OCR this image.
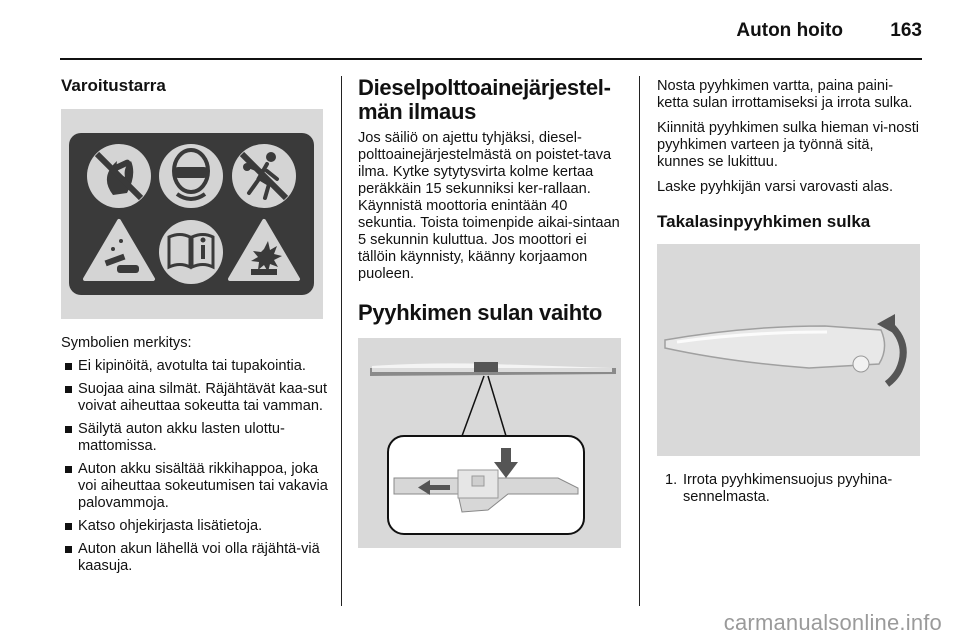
Auton hoito 163
Varoitustarra

Symbolien merkitys:

Ei kipinöitä, avotulta tai tupakointia.
Suojaa aina silmät. Räjähtävät kaa-sut voivat aiheuttaa sokeutta tai vamman.
Säilytä auton akku lasten ulottu-mattomissa.
Auton akku sisältää rikkihappoa, joka voi aiheuttaa sokeutumisen tai vakavia palovammoja.
Katso ohjekirjasta lisätietoja.
Auton akun lähellä voi olla räjähtä-viä kaasuja.
Dieselpolttoainejärjestel-män ilmaus

Jos säiliö on ajettu tyhjäksi, diesel-polttoainejärjestelmästä on poistet-tava ilma. Kytke sytytysvirta kolme kertaa peräkkäin 15 sekunniksi ker-rallaan. Käynnistä moottoria enintään 40 sekuntia. Toista toimenpide aikai-sintaan 5 sekunnin kuluttua. Jos moottori ei tällöin käynnisty, käänny korjaamon puoleen.

Pyyhkimen sulan vaihto

Nosta pyyhkimen vartta, paina paini-ketta sulan irrottamiseksi ja irrota sulka.

Kiinnitä pyyhkimen sulka hieman vi-nosti pyyhkimen varteen ja työnnä sitä, kunnes se lukittuu.

Laske pyyhkijän varsi varovasti alas.

Takalasinpyyhkimen sulka
1. Irrota pyyhkimensuojus pyyhina-sennelmasta.
carmanualsonline.info
